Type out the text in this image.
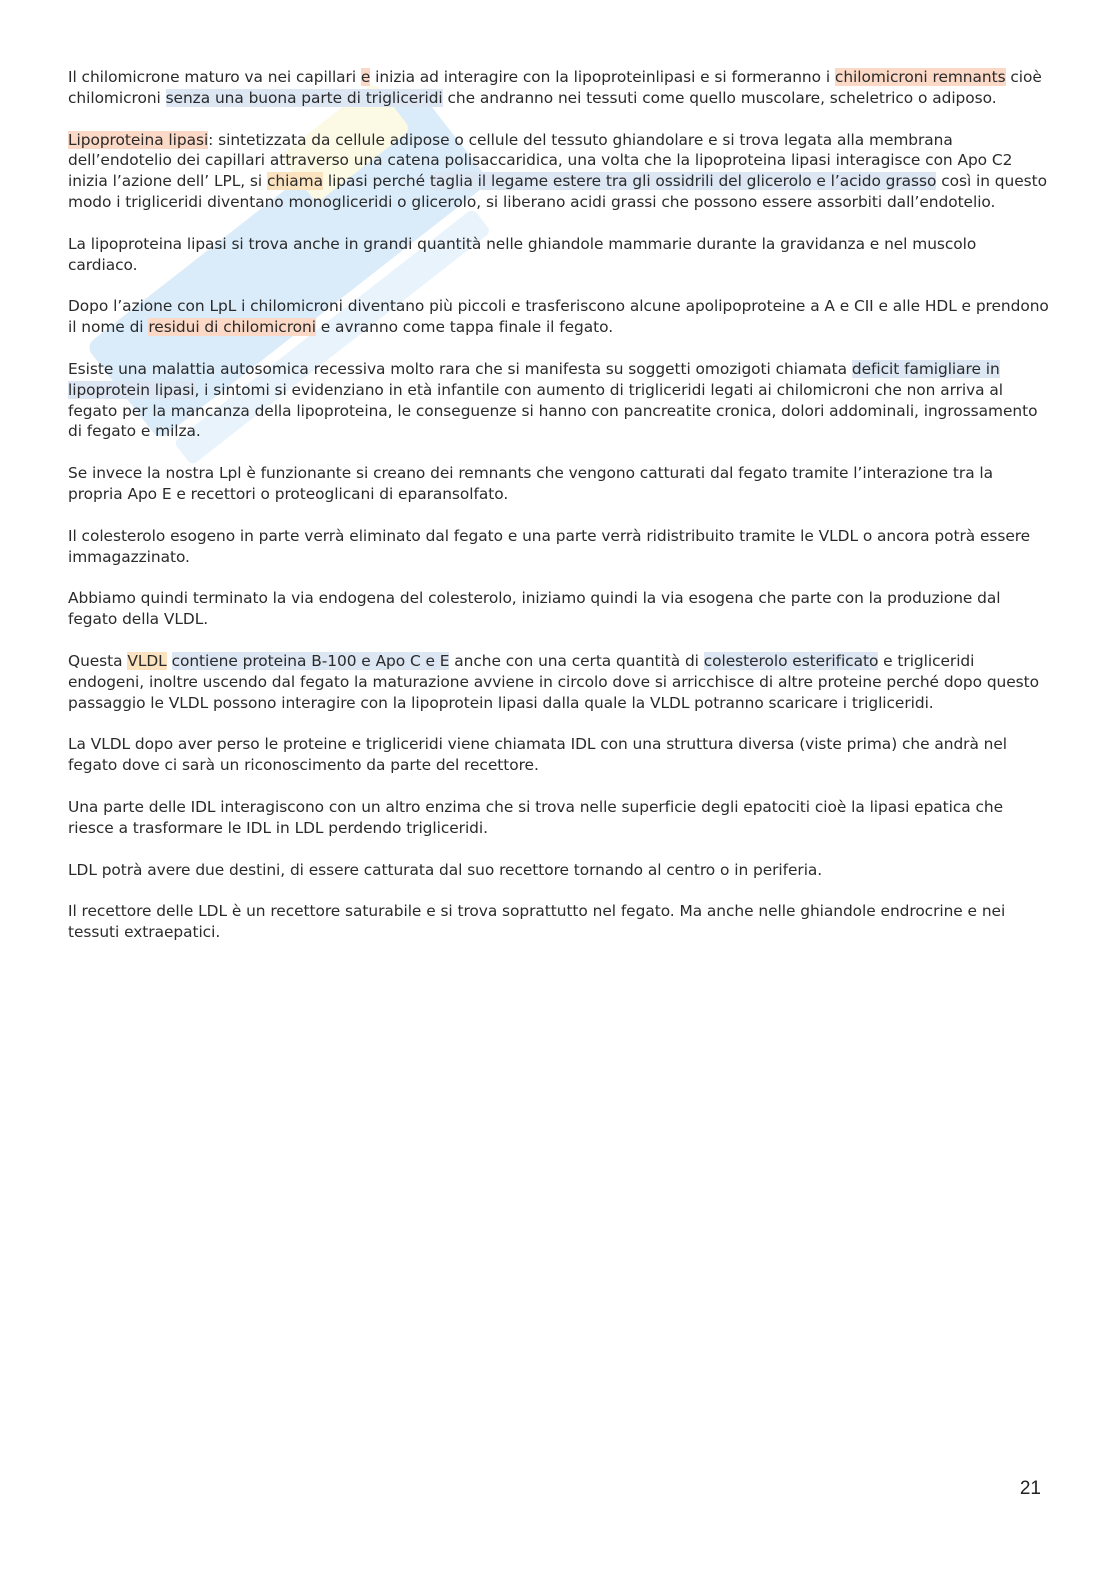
Il chilomicrone maturo va nei capillari e inizia ad interagire con la lipoproteinlipasi e si formeranno i chilomicroni remnants cioè chilomicroni senza una buona parte di trigliceridi che andranno nei tessuti come quello muscolare, scheletrico o adiposo.

Lipoproteina lipasi: sintetizzata da cellule adipose o cellule del tessuto ghiandolare e si trova legata alla membrana dell’endotelio dei capillari attraverso una catena polisaccaridica, una volta che la lipoproteina lipasi interagisce con Apo C2 inizia l’azione dell’ LPL, si chiama lipasi perché taglia il legame estere tra gli ossidrili del glicerolo e l’acido grasso così in questo modo i trigliceridi diventano monogliceridi o glicerolo, si liberano acidi grassi che possono essere assorbiti dall’endotelio.

La lipoproteina lipasi si trova anche in grandi quantità nelle ghiandole mammarie durante la gravidanza e nel muscolo cardiaco.

Dopo l’azione con LpL i chilomicroni diventano più piccoli e trasferiscono alcune apolipoproteine a A e CII e alle HDL e prendono il nome di residui di chilomicroni e avranno come tappa finale il fegato.

Esiste una malattia autosomica recessiva molto rara che si manifesta su soggetti omozigoti chiamata deficit famigliare in lipoprotein lipasi, i sintomi si evidenziano in età infantile con aumento di trigliceridi legati ai chilomicroni che non arriva al fegato per la mancanza della lipoproteina, le conseguenze si hanno con pancreatite cronica, dolori addominali, ingrossamento di fegato e milza.

Se invece la nostra Lpl è funzionante si creano dei remnants che vengono catturati dal fegato tramite l’interazione tra la propria Apo E e recettori o proteoglicani di eparansolfato.

Il colesterolo esogeno in parte verrà eliminato dal fegato e una parte verrà ridistribuito tramite le VLDL o ancora potrà essere immagazzinato.

Abbiamo quindi terminato la via endogena del colesterolo, iniziamo quindi la via esogena che parte con la produzione dal fegato della VLDL.

Questa VLDL contiene proteina B-100 e Apo C e E anche con una certa quantità di colesterolo esterificato e trigliceridi endogeni, inoltre uscendo dal fegato la maturazione avviene in circolo dove si arricchisce di altre proteine perché dopo questo passaggio le VLDL possono interagire con la lipoprotein lipasi dalla quale la VLDL potranno scaricare i trigliceridi.

La VLDL dopo aver perso le proteine e trigliceridi viene chiamata IDL con una struttura diversa (viste prima) che andrà nel fegato dove ci sarà un riconoscimento da parte del recettore.

Una parte delle IDL interagiscono con un altro enzima che si trova nelle superficie degli epatociti cioè la lipasi epatica che riesce a trasformare le IDL in LDL perdendo trigliceridi.

LDL potrà avere due destini, di essere catturata dal suo recettore tornando al centro o in periferia.

Il recettore delle LDL è un recettore saturabile e si trova soprattutto nel fegato. Ma anche nelle ghiandole endrocrine e nei tessuti extraepatici.

21
